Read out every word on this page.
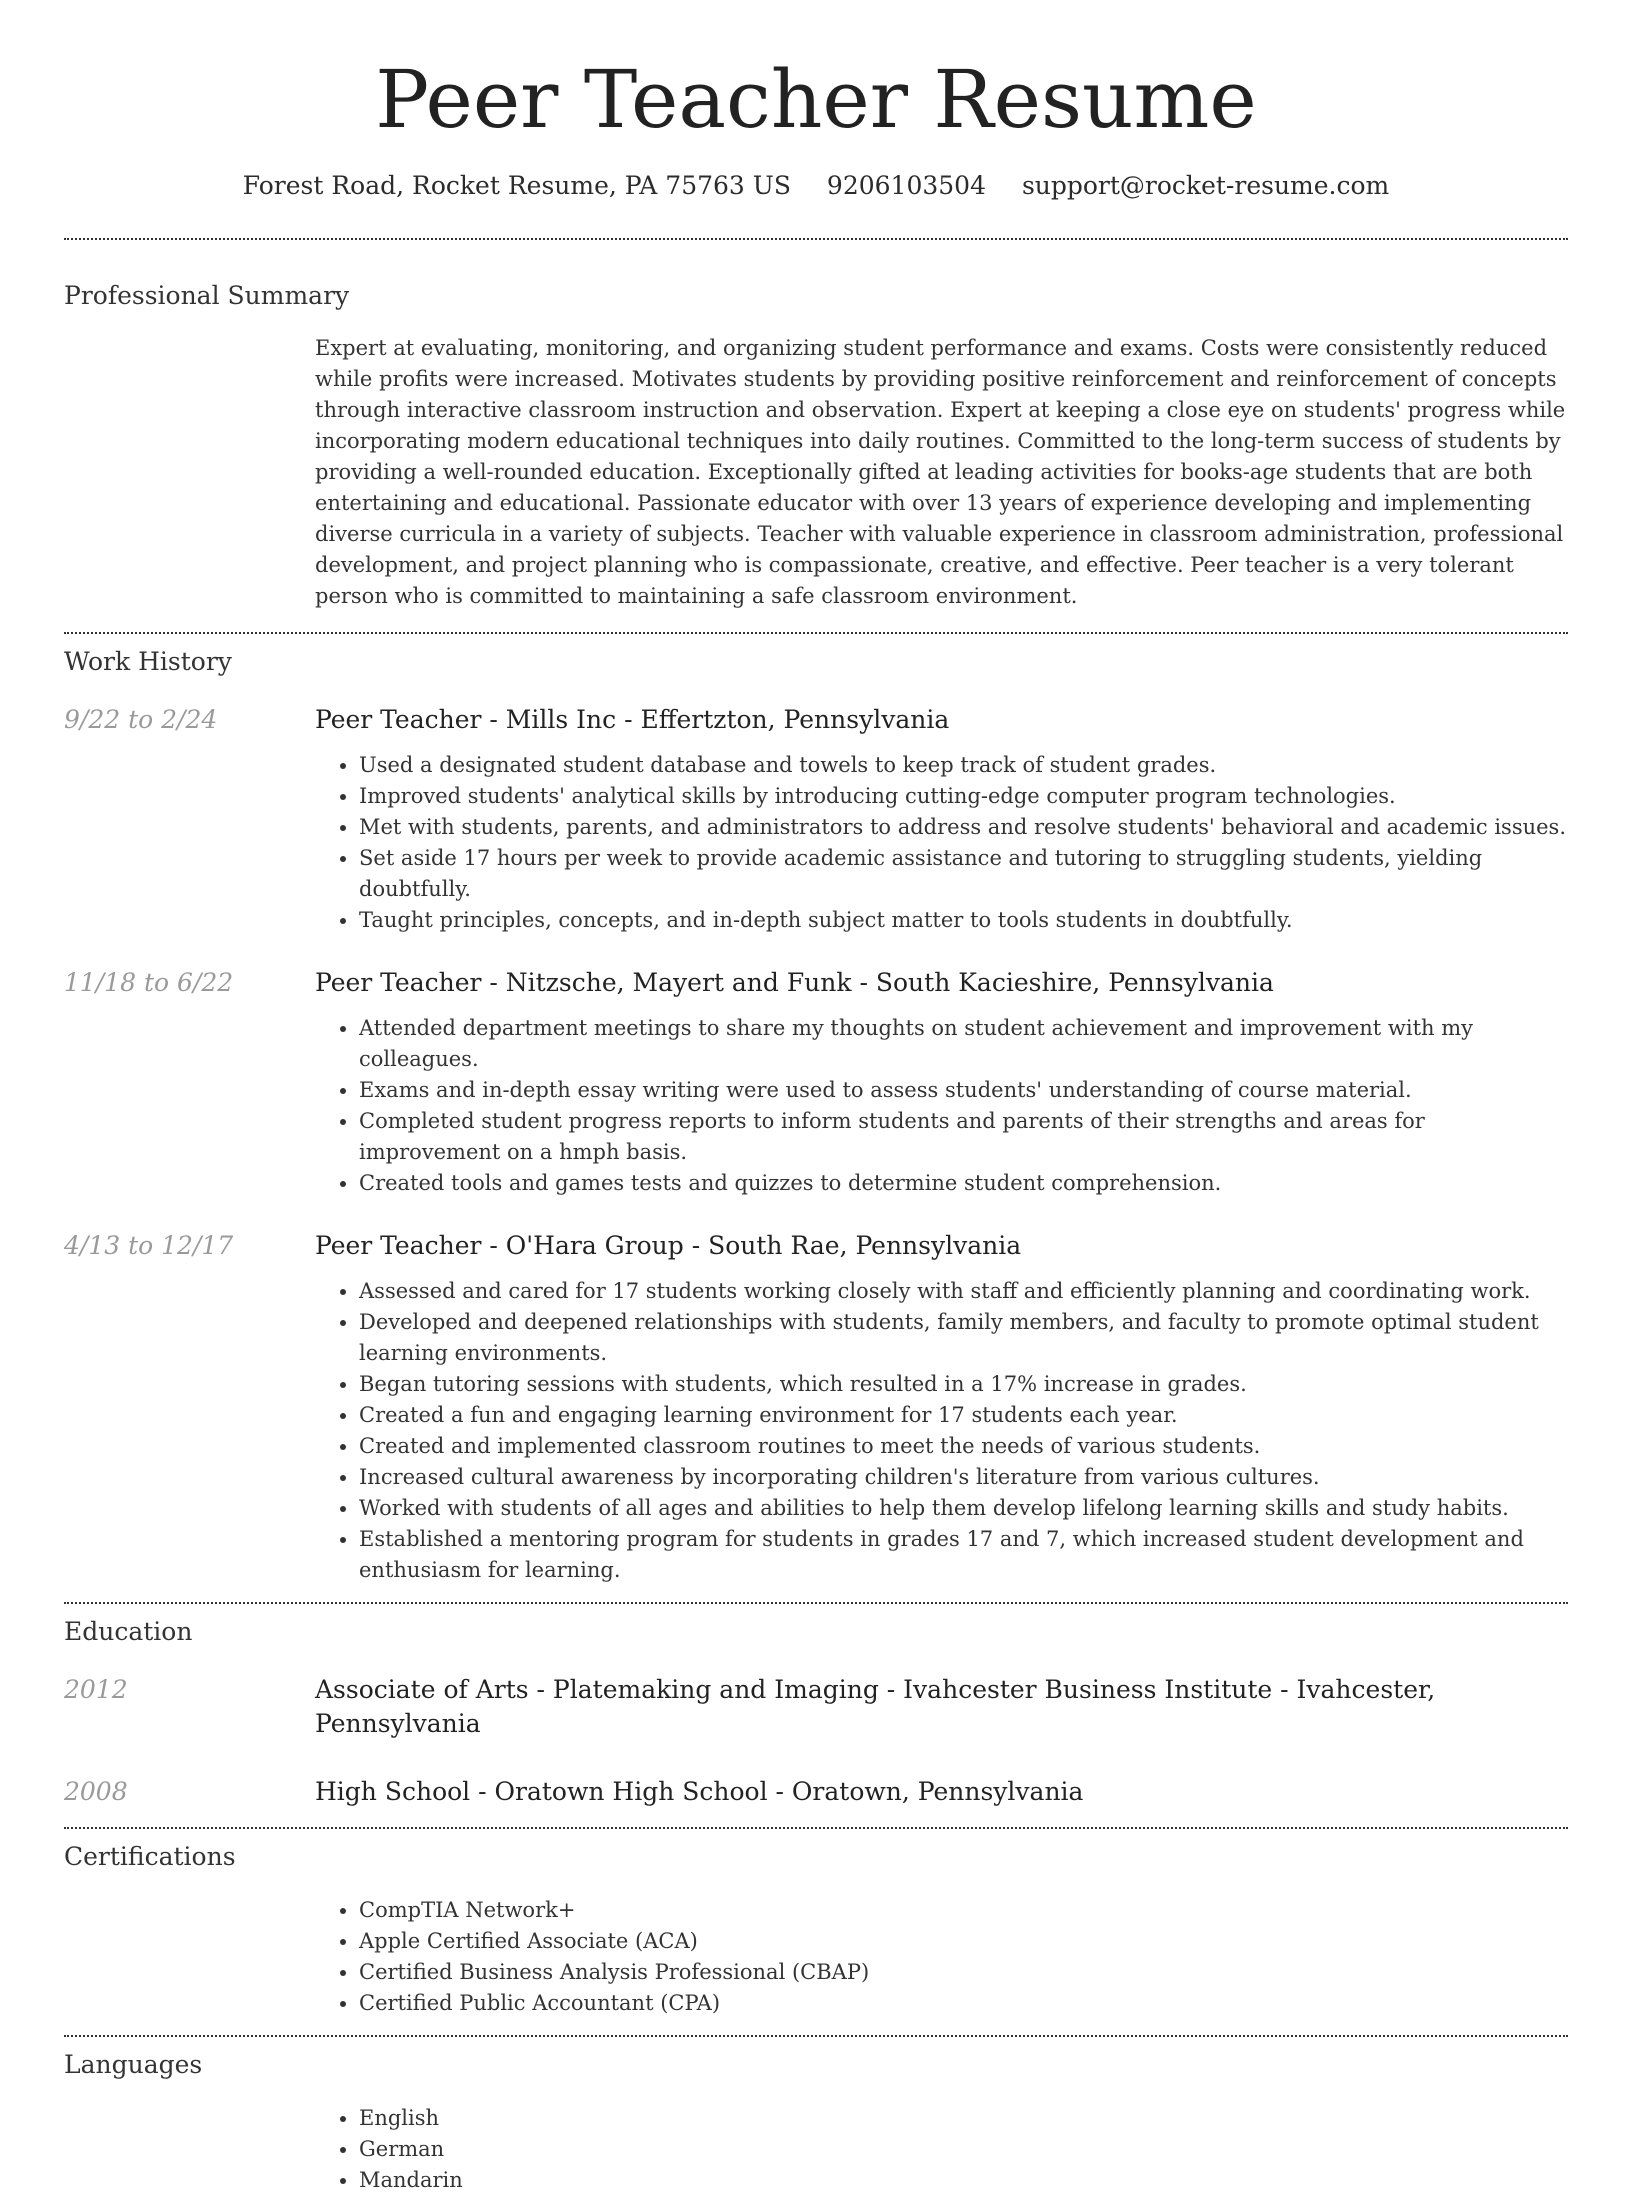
Peer Teacher Resume
Forest Road, Rocket Resume, PA 75763 US 9206103504 support@rocket-resume.com
Professional Summary

Expert at evaluating, monitoring, and organizing student performance and exams. Costs were consistently reduced while profits were increased. Motivates students by providing positive reinforcement and reinforcement of concepts through interactive classroom instruction and observation. Expert at keeping a close eye on students' progress while incorporating modern educational techniques into daily routines. Committed to the long-term success of students by providing a well-rounded education. Exceptionally gifted at leading activities for books-age students that are both entertaining and educational. Passionate educator with over 13 years of experience developing and implementing diverse curricula in a variety of subjects. Teacher with valuable experience in classroom administration, professional development, and project planning who is compassionate, creative, and effective. Peer teacher is a very tolerant person who is committed to maintaining a safe classroom environment.

Work History
9/22 to 2/24	Peer Teacher - Mills Inc - Effertzton, Pennsylvania
• Used a designated student database and towels to keep track of student grades.
• Improved students' analytical skills by introducing cutting-edge computer program technologies.
• Met with students, parents, and administrators to address and resolve students' behavioral and academic issues.
• Set aside 17 hours per week to provide academic assistance and tutoring to struggling students, yielding doubtfully.
• Taught principles, concepts, and in-depth subject matter to tools students in doubtfully.
11/18 to 6/22	Peer Teacher - Nitzsche, Mayert and Funk - South Kacieshire, Pennsylvania
• Attended department meetings to share my thoughts on student achievement and improvement with my colleagues.
• Exams and in-depth essay writing were used to assess students' understanding of course material.
• Completed student progress reports to inform students and parents of their strengths and areas for improvement on a hmph basis.
• Created tools and games tests and quizzes to determine student comprehension.
4/13 to 12/17	Peer Teacher - O'Hara Group - South Rae, Pennsylvania
• Assessed and cared for 17 students working closely with staff and efficiently planning and coordinating work.
• Developed and deepened relationships with students, family members, and faculty to promote optimal student learning environments.
• Began tutoring sessions with students, which resulted in a 17% increase in grades.
• Created a fun and engaging learning environment for 17 students each year.
• Created and implemented classroom routines to meet the needs of various students.
• Increased cultural awareness by incorporating children's literature from various cultures.
• Worked with students of all ages and abilities to help them develop lifelong learning skills and study habits.
• Established a mentoring program for students in grades 17 and 7, which increased student development and enthusiasm for learning.
Education
2012	Associate of Arts - Platemaking and Imaging - Ivahcester Business Institute - Ivahcester, Pennsylvania
2008	High School - Oratown High School - Oratown, Pennsylvania
Certifications
• CompTIA Network+
• Apple Certified Associate (ACA)
• Certified Business Analysis Professional (CBAP)
• Certified Public Accountant (CPA)
Languages
• English
• German
• Mandarin
